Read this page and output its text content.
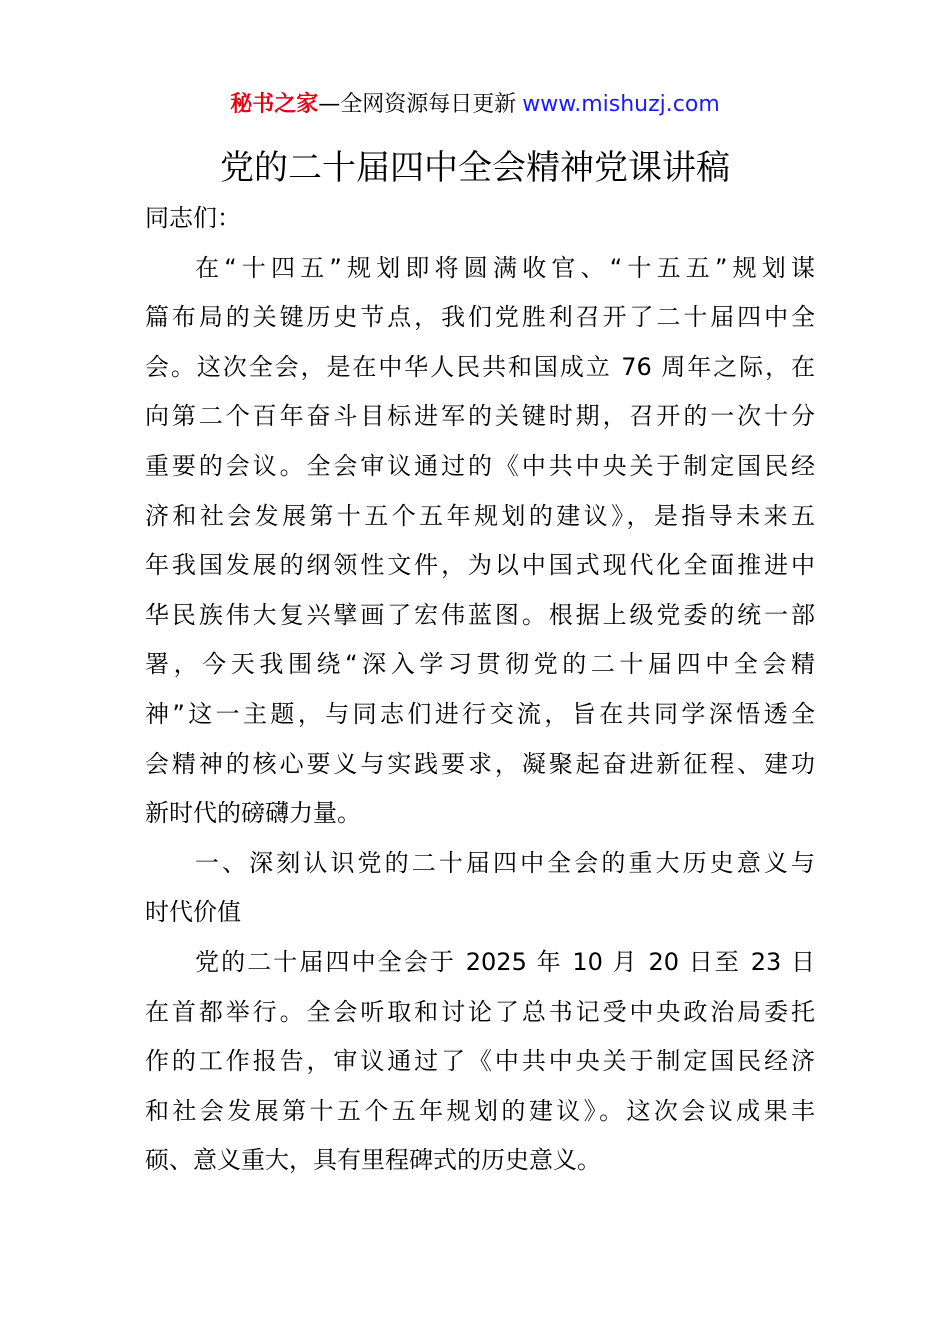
秘书之家—全网资源每日更新 www.mishuzj.com
党的二十届四中全会精神党课讲稿
同志们：
在“十四五”规划即将圆满收官、“十五五”规划谋
篇布局的关键历史节点，我们党胜利召开了二十届四中全
会。这次全会，是在中华人民共和国成立 76 周年之际，在
向第二个百年奋斗目标进军的关键时期，召开的一次十分
重要的会议。全会审议通过的《中共中央关于制定国民经
济和社会发展第十五个五年规划的建议》，是指导未来五
年我国发展的纲领性文件，为以中国式现代化全面推进中
华民族伟大复兴擘画了宏伟蓝图。根据上级党委的统一部
署，今天我围绕“深入学习贯彻党的二十届四中全会精
神”这一主题，与同志们进行交流，旨在共同学深悟透全
会精神的核心要义与实践要求，凝聚起奋进新征程、建功
新时代的磅礴力量。
一、深刻认识党的二十届四中全会的重大历史意义与
时代价值
党的二十届四中全会于 2025 年 10 月 20 日至 23 日
在首都举行。全会听取和讨论了总书记受中央政治局委托
作的工作报告，审议通过了《中共中央关于制定国民经济
和社会发展第十五个五年规划的建议》。这次会议成果丰
硕、意义重大，具有里程碑式的历史意义。
